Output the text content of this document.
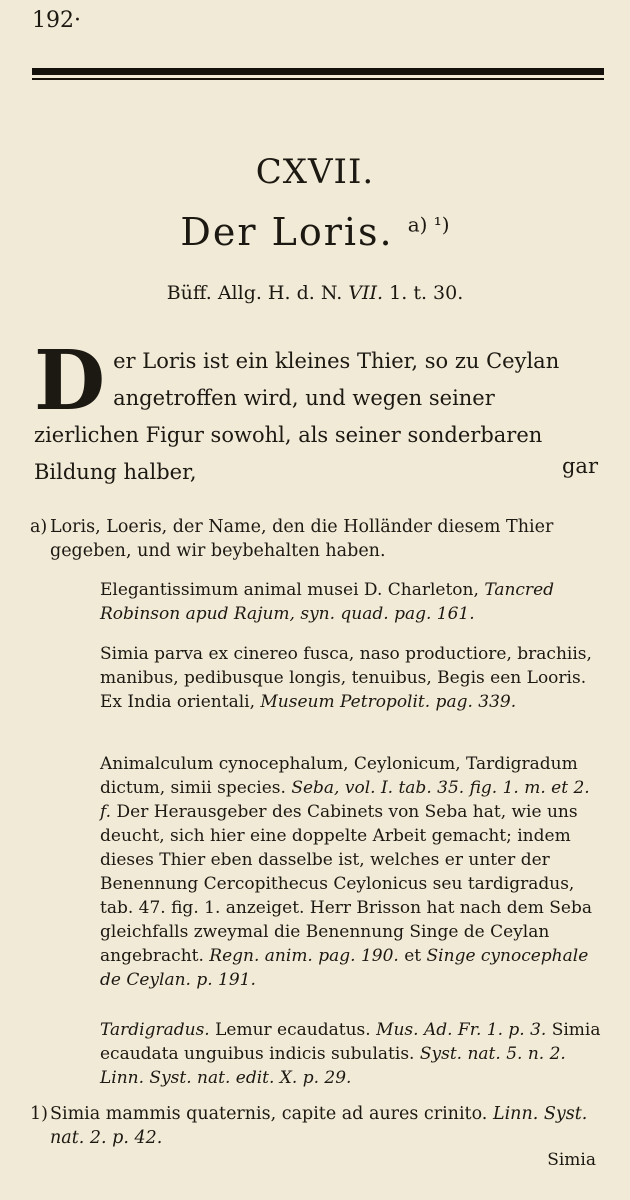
192·
CXVII.
Der Loris. $^{a) ^1)}$
Büff. Allg. H. d. N. VII. 1. t. 30.
Der Loris ist ein kleines Thier, so zu Ceylan angetroffen wird, und wegen seiner zierlichen Figur sowohl, als seiner sonderbaren Bildung halber,	gar
a) Loris, Loeris, der Name, den die Holländer diesem Thier gegeben, und wir beybehalten haben.
Elegantissimum animal musei D. Charleton, Tancred Robinson apud Rajum, syn. quad. pag. 161.
Simia parva ex cinereo fusca, naso productiore, brachiis, manibus, pedibusque longis, tenuibus, Begis een Looris. Ex India orientali, Museum Petropolit. pag. 339.
Animalculum cynocephalum, Ceylonicum, Tardigradum dictum, simii species. Seba, vol. I. tab. 35. fig. 1. m. et 2. f. Der Herausgeber des Cabinets von Seba hat, wie uns deucht, sich hier eine doppelte Arbeit gemacht; indem dieses Thier eben dasselbe ist, welches er unter der Benennung Cercopithecus Ceylonicus seu tardigradus, tab. 47. fig. 1. anzeiget. Herr Brisson hat nach dem Seba gleichfalls zweymal die Benennung Singe de Ceylan angebracht. Regn. anim. pag. 190. et Singe cynocephale de Ceylan. p. 191.
Tardigradus. Lemur ecaudatus. Mus. Ad. Fr. 1. p. 3. Simia ecaudata unguibus indicis subulatis. Syst. nat. 5. n. 2. Linn. Syst. nat. edit. X. p. 29.
1) Simia mammis quaternis, capite ad aures crinito. Linn. Syst. nat. 2. p. 42.
Simia
